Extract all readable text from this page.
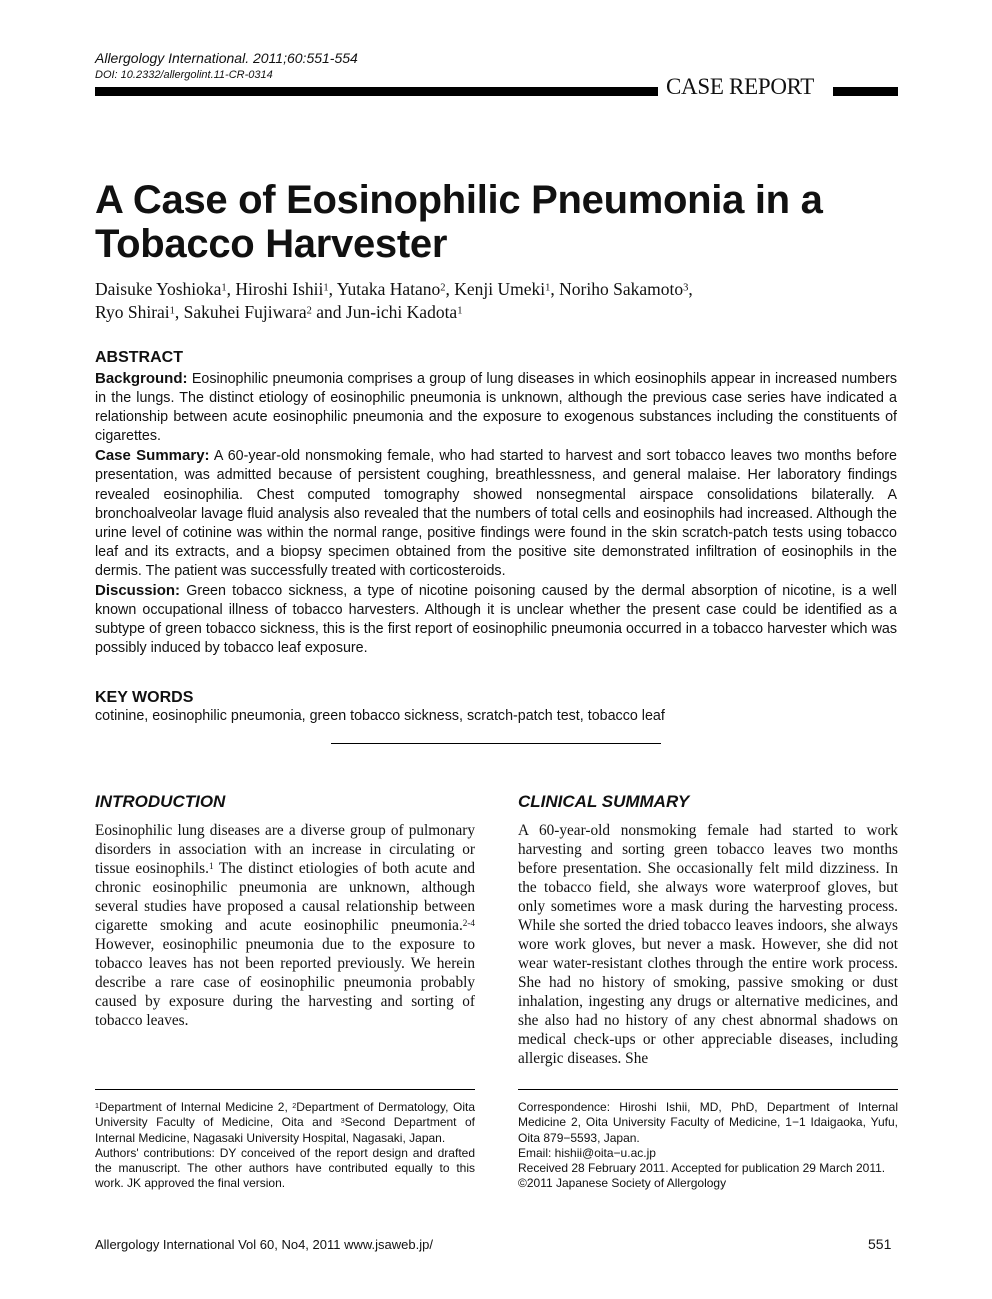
Allergology International. 2011;60:551-554
DOI: 10.2332/allergolint.11-CR-0314	CASE REPORT
A Case of Eosinophilic Pneumonia in a Tobacco Harvester

Daisuke Yoshioka$^1$, Hiroshi Ishii$^1$, Yutaka Hatano$^2$, Kenji Umeki$^1$, Noriho Sakamoto$^3$,
Ryo Shirai$^1$, Sakuhei Fujiwara$^2$ and Jun-ichi Kadota$^1$

ABSTRACT

Background: Eosinophilic pneumonia comprises a group of lung diseases in which eosinophils appear in increased numbers in the lungs. The distinct etiology of eosinophilic pneumonia is unknown, although the previous case series have indicated a relationship between acute eosinophilic pneumonia and the exposure to exogenous substances including the constituents of cigarettes.

Case Summary: A 60-year-old nonsmoking female, who had started to harvest and sort tobacco leaves two months before presentation, was admitted because of persistent coughing, breathlessness, and general malaise. Her laboratory findings revealed eosinophilia. Chest computed tomography showed nonsegmental airspace consolidations bilaterally. A bronchoalveolar lavage fluid analysis also revealed that the numbers of total cells and eosinophils had increased. Although the urine level of cotinine was within the normal range, positive findings were found in the skin scratch-patch tests using tobacco leaf and its extracts, and a biopsy specimen obtained from the positive site demonstrated infiltration of eosinophils in the dermis. The patient was successfully treated with corticosteroids.

Discussion: Green tobacco sickness, a type of nicotine poisoning caused by the dermal absorption of nicotine, is a well known occupational illness of tobacco harvesters. Although it is unclear whether the present case could be identified as a subtype of green tobacco sickness, this is the first report of eosinophilic pneumonia occurred in a tobacco harvester which was possibly induced by tobacco leaf exposure.

KEY WORDS
cotinine, eosinophilic pneumonia, green tobacco sickness, scratch-patch test, tobacco leaf
INTRODUCTION

Eosinophilic lung diseases are a diverse group of pulmonary disorders in association with an increase in circulating or tissue eosinophils.$^1$ The distinct etiologies of both acute and chronic eosinophilic pneumonia are unknown, although several studies have proposed a causal relationship between cigarette smoking and acute eosinophilic pneumonia.$^{2-4}$ However, eosinophilic pneumonia due to the exposure to tobacco leaves has not been reported previously. We herein describe a rare case of eosinophilic pneumonia probably caused by exposure during the harvesting and sorting of tobacco leaves.

CLINICAL SUMMARY

A 60-year-old nonsmoking female had started to work harvesting and sorting green tobacco leaves two months before presentation. She occasionally felt mild dizziness. In the tobacco field, she always wore waterproof gloves, but only sometimes wore a mask during the harvesting process. While she sorted the dried tobacco leaves indoors, she always wore work gloves, but never a mask. However, she did not wear water-resistant clothes through the entire work process. She had no history of smoking, passive smoking or dust inhalation, ingesting any drugs or alternative medicines, and she also had no history of any chest abnormal shadows on medical check-ups or other appreciable diseases, including allergic diseases. She

$^1$Department of Internal Medicine 2, $^2$Department of Dermatology, Oita University Faculty of Medicine, Oita and $^3$Second Department of Internal Medicine, Nagasaki University Hospital, Nagasaki, Japan.

Authors' contributions: DY conceived of the report design and drafted the manuscript. The other authors have contributed equally to this work. JK approved the final version.

Correspondence: Hiroshi Ishii, MD, PhD, Department of Internal Medicine 2, Oita University Faculty of Medicine, 1−1 Idaigaoka, Yufu, Oita 879−5593, Japan.

Email: hishii@oita−u.ac.jp

Received 28 February 2011. Accepted for publication 29 March 2011.

©2011 Japanese Society of Allergology

Allergology International Vol 60, No4, 2011 www.jsaweb.jp/	551
